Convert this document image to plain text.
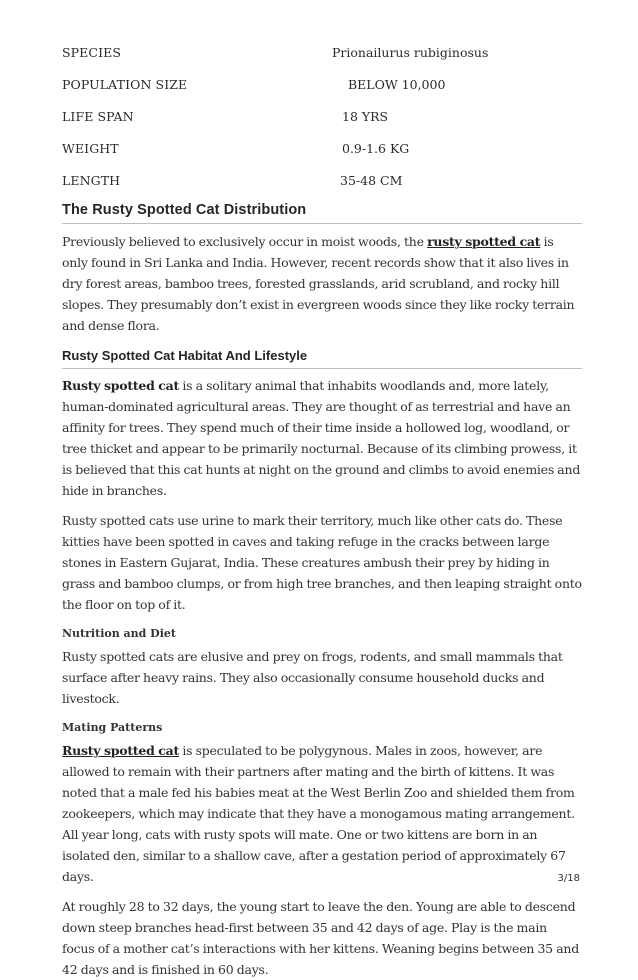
SPECIES	Prionailurus rubiginosus
POPULATION SIZE	BELOW 10,000
LIFE SPAN	18 YRS
WEIGHT	0.9-1.6 KG
LENGTH	35-48 CM
The Rusty Spotted Cat Distribution

Previously believed to exclusively occur in moist woods, the rusty spotted cat is only found in Sri Lanka and India. However, recent records show that it also lives in dry forest areas, bamboo trees, forested grasslands, arid scrubland, and rocky hill slopes. They presumably don’t exist in evergreen woods since they like rocky terrain and dense flora.

Rusty Spotted Cat Habitat And Lifestyle

Rusty spotted cat is a solitary animal that inhabits woodlands and, more lately, human-dominated agricultural areas. They are thought of as terrestrial and have an affinity for trees. They spend much of their time inside a hollowed log, woodland, or tree thicket and appear to be primarily nocturnal. Because of its climbing prowess, it is believed that this cat hunts at night on the ground and climbs to avoid enemies and hide in branches.

Rusty spotted cats use urine to mark their territory, much like other cats do. These kitties have been spotted in caves and taking refuge in the cracks between large stones in Eastern Gujarat, India. These creatures ambush their prey by hiding in grass and bamboo clumps, or from high tree branches, and then leaping straight onto the floor on top of it.

Nutrition and Diet

Rusty spotted cats are elusive and prey on frogs, rodents, and small mammals that surface after heavy rains. They also occasionally consume household ducks and livestock.

Mating Patterns

Rusty spotted cat is speculated to be polygynous. Males in zoos, however, are allowed to remain with their partners after mating and the birth of kittens. It was noted that a male fed his babies meat at the West Berlin Zoo and shielded them from zookeepers, which may indicate that they have a monogamous mating arrangement. All year long, cats with rusty spots will mate. One or two kittens are born in an isolated den, similar to a shallow cave, after a gestation period of approximately 67 days.

At roughly 28 to 32 days, the young start to leave the den. Young are able to descend down steep branches head-first between 35 and 42 days of age. Play is the main focus of a mother cat’s interactions with her kittens. Weaning begins between 35 and 42 days and is finished in 60 days.

3/18
